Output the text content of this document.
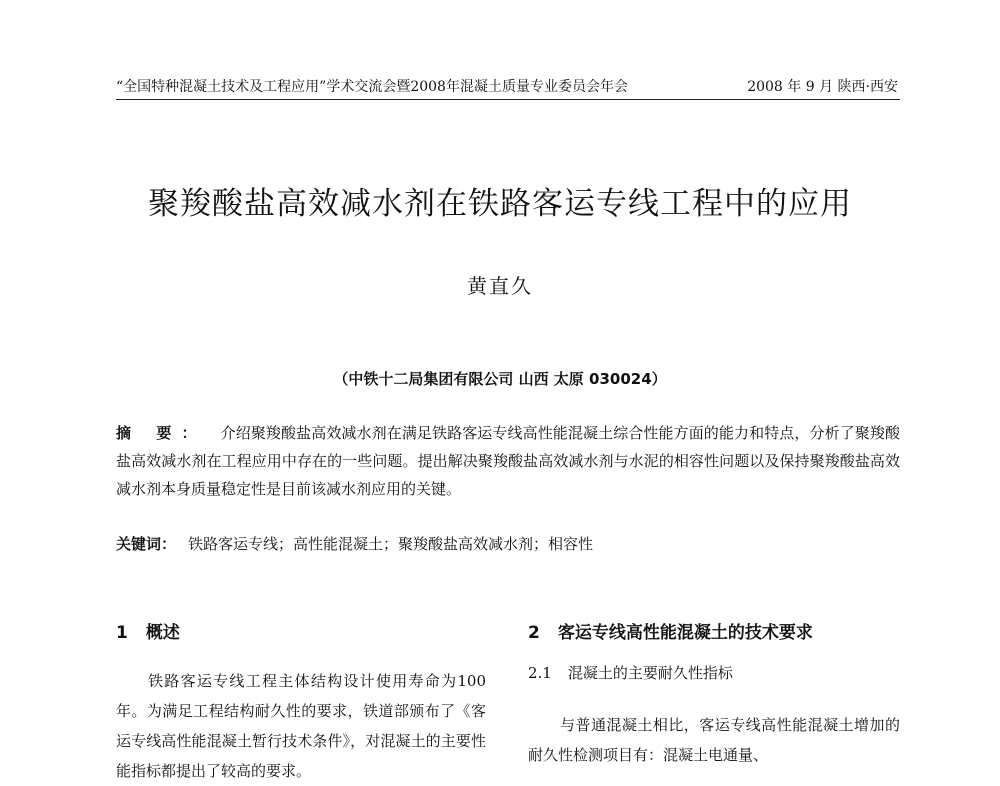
“全国特种混凝土技术及工程应用”学术交流会暨2008年混凝土质量专业委员会年会	2008 年 9 月 陕西·西安
聚羧酸盐高效减水剂在铁路客运专线工程中的应用
黄直久
（中铁十二局集团有限公司 山西 太原 030024）
摘 要： 介绍聚羧酸盐高效减水剂在满足铁路客运专线高性能混凝土综合性能方面的能力和特点，分析了聚羧酸盐高效减水剂在工程应用中存在的一些问题。提出解决聚羧酸盐高效减水剂与水泥的相容性问题以及保持聚羧酸盐高效减水剂本身质量稳定性是目前该减水剂应用的关键。
关键词： 铁路客运专线；高性能混凝土；聚羧酸盐高效减水剂；相容性
1 概述

铁路客运专线工程主体结构设计使用寿命为100年。为满足工程结构耐久性的要求，铁道部颁布了《客运专线高性能混凝土暂行技术条件》，对混凝土的主要性能指标都提出了较高的要求。

2 客运专线高性能混凝土的技术要求
2.1 混凝土的主要耐久性指标

与普通混凝土相比，客运专线高性能混凝土增加的耐久性检测项目有：混凝土电通量、
